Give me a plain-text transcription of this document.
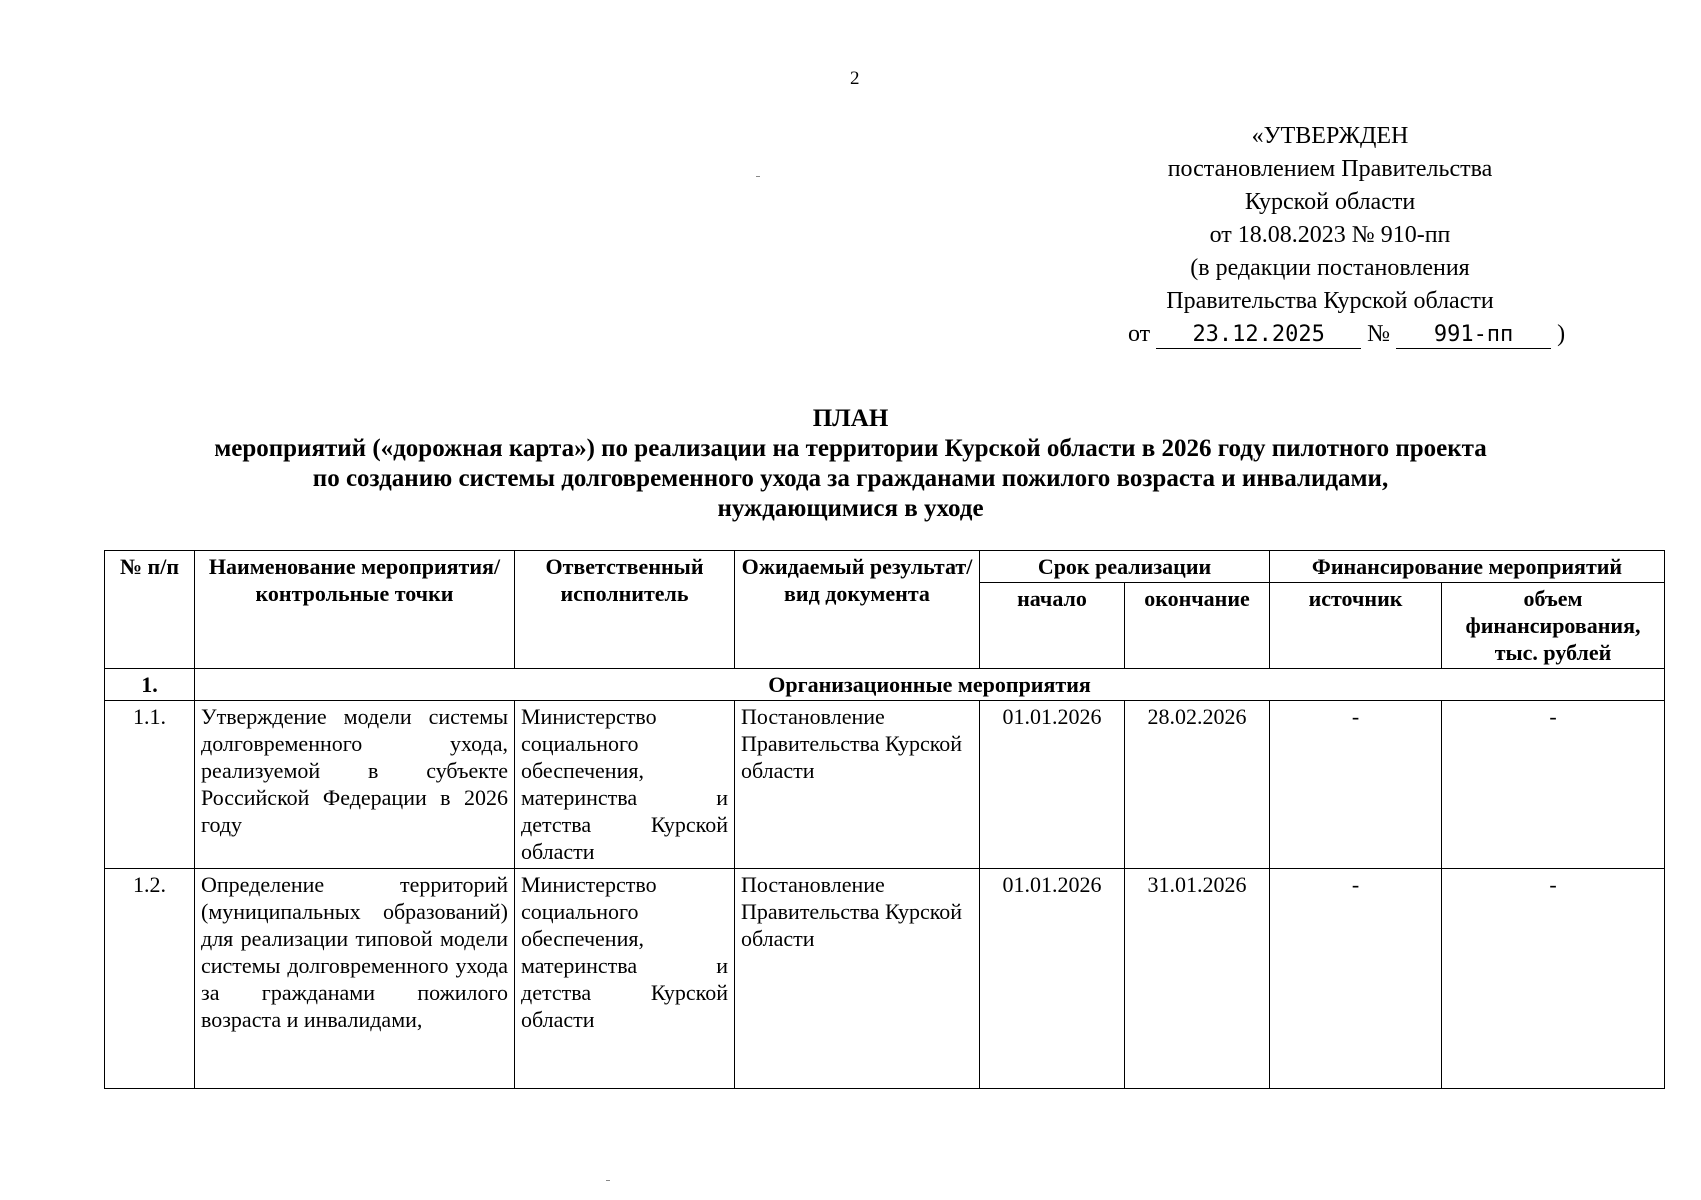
2
«УТВЕРЖДЕН
постановлением Правительства
Курской области
от 18.08.2023 № 910-пп
(в редакции постановления
Правительства Курской области
от 23.12.2025 № 991-пп )
ПЛАН
мероприятий («дорожная карта») по реализации на территории Курской области в 2026 году пилотного проекта
по созданию системы долговременного ухода за гражданами пожилого возраста и инвалидами,
нуждающимися в уходе
№ п/п	Наименование мероприятия/контрольные точки	Ответственный исполнитель	Ожидаемый результат/вид документа	Срок реализации		Финансирование мероприятий	
				начало	окончание	источник	объем финансирования, тыс. рублей
1.	Организационные мероприятия						
1.1.	Утверждение модели системы долговременного ухода, реализуемой в субъекте Российской Федерации в 2026 году	Министерство социального обеспечения, материнства и детства Курской области	Постановление Правительства Курской области	01.01.2026	28.02.2026	-	-
1.2.	Определение территорий (муниципальных образований) для реализации типовой модели системы долговременного ухода за гражданами пожилого возраста и инвалидами,	Министерство социального обеспечения, материнства и детства Курской области	Постановление Правительства Курской области	01.01.2026	31.01.2026	-	-
